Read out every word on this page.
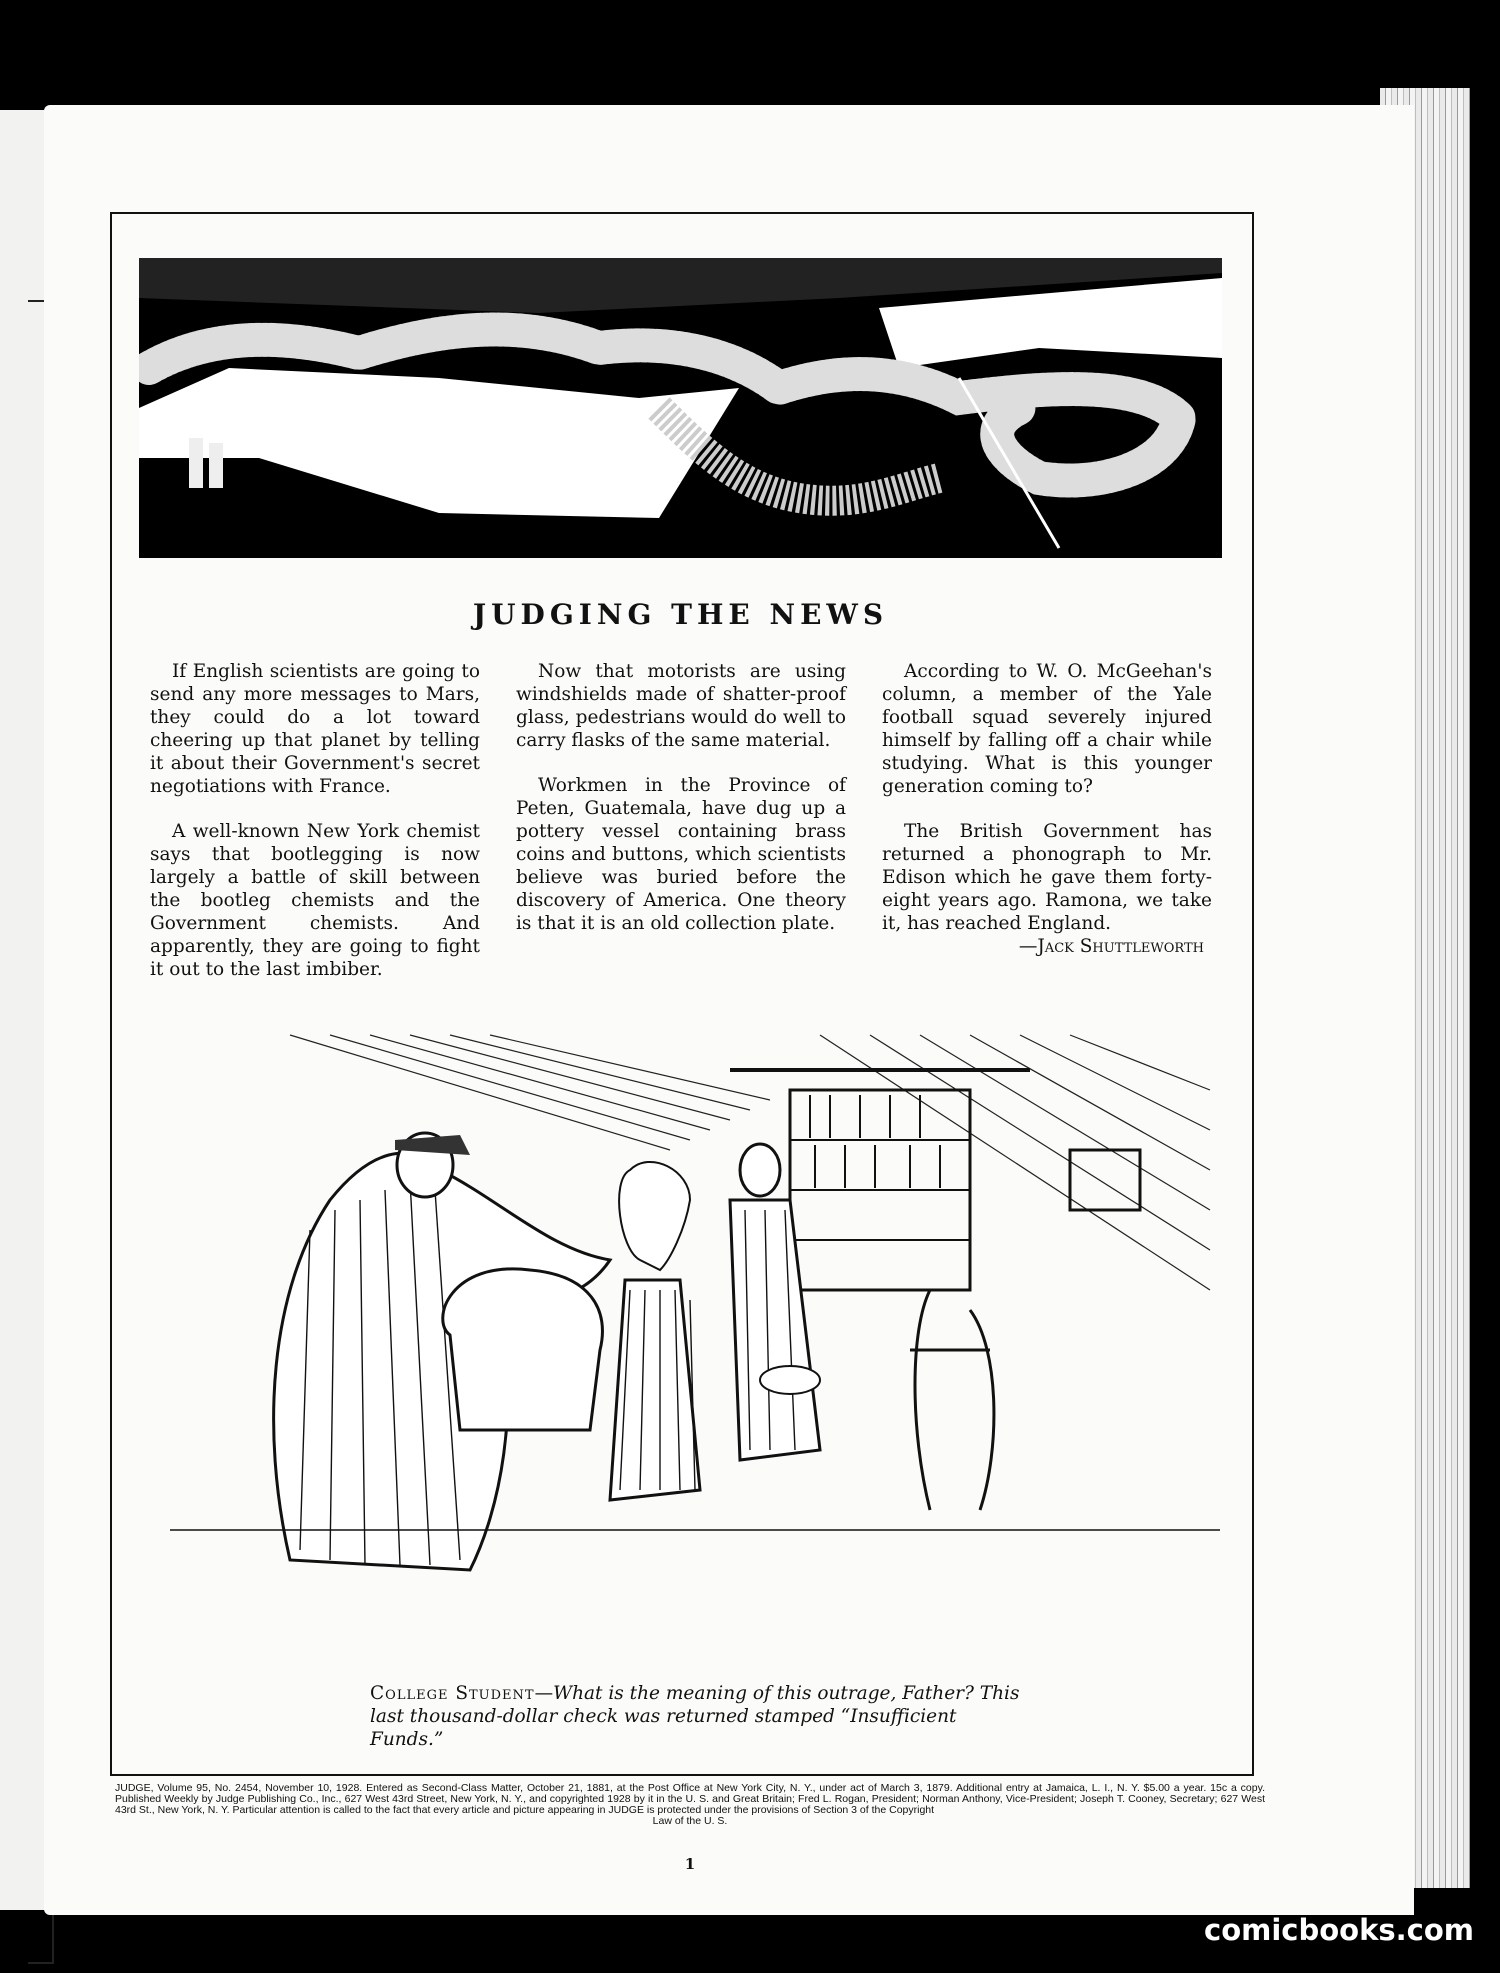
JUDGING THE NEWS

If English scientists are going to send any more messages to Mars, they could do a lot toward cheering up that planet by telling it about their Government's secret negotiations with France.

A well-known New York chemist says that bootlegging is now largely a battle of skill between the bootleg chemists and the Government chemists. And apparently, they are going to fight it out to the last imbiber.

Now that motorists are using windshields made of shatter-proof glass, pedestrians would do well to carry flasks of the same material.

Workmen in the Province of Peten, Guatemala, have dug up a pottery vessel containing brass coins and buttons, which scientists believe was buried before the discovery of America. One theory is that it is an old collection plate.

According to W. O. McGeehan's column, a member of the Yale football squad severely injured himself by falling off a chair while studying. What is this younger generation coming to?

The British Government has returned a phonograph to Mr. Edison which he gave them forty-eight years ago. Ramona, we take it, has reached England.

—Jack Shuttleworth
College Student—What is the meaning of this outrage, Father? This last thousand-dollar check was returned stamped “Insufficient Funds.”
JUDGE, Volume 95, No. 2454, November 10, 1928. Entered as Second-Class Matter, October 21, 1881, at the Post Office at New York City, N. Y., under act of March 3, 1879. Additional entry at Jamaica, L. I., N. Y. $5.00 a year. 15c a copy. Published Weekly by Judge Publishing Co., Inc., 627 West 43rd Street, New York, N. Y., and copyrighted 1928 by it in the U. S. and Great Britain; Fred L. Rogan, President; Norman Anthony, Vice-President; Joseph T. Cooney, Secretary; 627 West 43rd St., New York, N. Y. Particular attention is called to the fact that every article and picture appearing in JUDGE is protected under the provisions of Section 3 of the Copyright
Law of the U. S.
1
comicbooks.com
